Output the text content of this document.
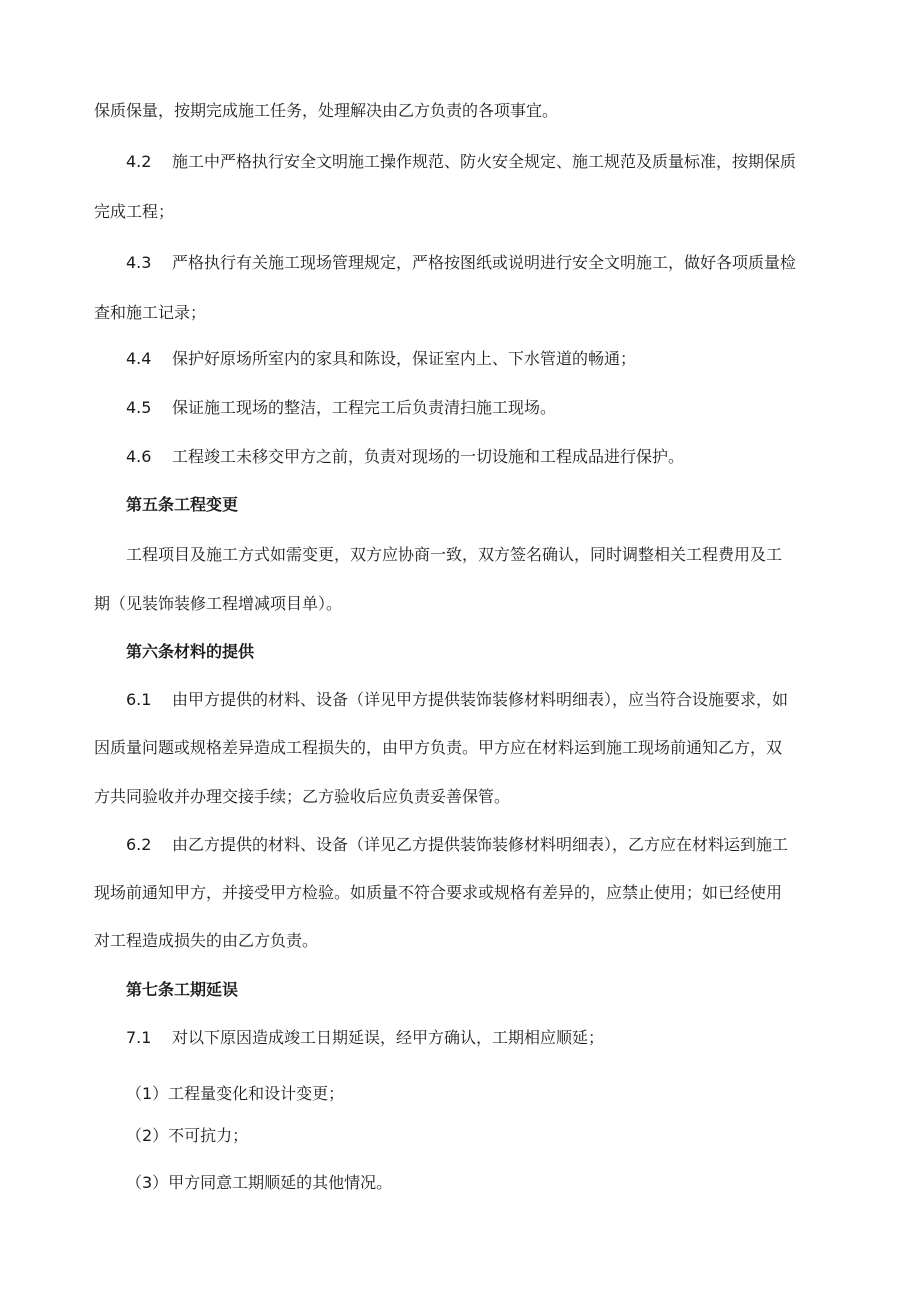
保质保量，按期完成施工任务，处理解决由乙方负责的各项事宜。
4.2 施工中严格执行安全文明施工操作规范、防火安全规定、施工规范及质量标准，按期保质
完成工程；
4.3 严格执行有关施工现场管理规定，严格按图纸或说明进行安全文明施工，做好各项质量检
查和施工记录；
4.4 保护好原场所室内的家具和陈设，保证室内上、下水管道的畅通；
4.5 保证施工现场的整洁，工程完工后负责清扫施工现场。
4.6 工程竣工未移交甲方之前，负责对现场的一切设施和工程成品进行保护。
第五条工程变更
工程项目及施工方式如需变更，双方应协商一致，双方签名确认，同时调整相关工程费用及工
期（见装饰装修工程增减项目单）。
第六条材料的提供
6.1 由甲方提供的材料、设备（详见甲方提供装饰装修材料明细表），应当符合设施要求，如
因质量问题或规格差异造成工程损失的，由甲方负责。甲方应在材料运到施工现场前通知乙方，双
方共同验收并办理交接手续；乙方验收后应负责妥善保管。
6.2 由乙方提供的材料、设备（详见乙方提供装饰装修材料明细表），乙方应在材料运到施工
现场前通知甲方，并接受甲方检验。如质量不符合要求或规格有差异的，应禁止使用；如已经使用
对工程造成损失的由乙方负责。
第七条工期延误
7.1 对以下原因造成竣工日期延误，经甲方确认，工期相应顺延；
（1）工程量变化和设计变更；
（2）不可抗力；
（3）甲方同意工期顺延的其他情况。
